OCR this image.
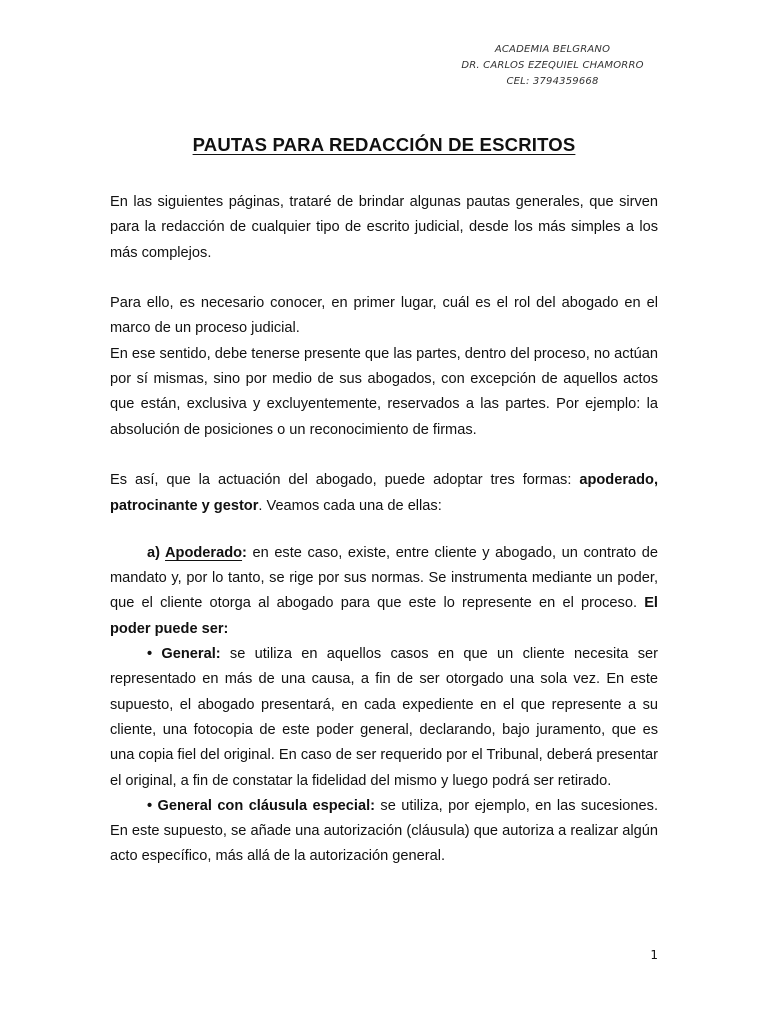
ACADEMIA BELGRANO
DR. CARLOS EZEQUIEL CHAMORRO
CEL: 3794359668
PAUTAS PARA REDACCIÓN DE ESCRITOS

En las siguientes páginas, trataré de brindar algunas pautas generales, que sirven para la redacción de cualquier tipo de escrito judicial, desde los más simples a los más complejos.

Para ello, es necesario conocer, en primer lugar, cuál es el rol del abogado en el marco de un proceso judicial.

En ese sentido, debe tenerse presente que las partes, dentro del proceso, no actúan por sí mismas, sino por medio de sus abogados, con excepción de aquellos actos que están, exclusiva y excluyentemente, reservados a las partes. Por ejemplo: la absolución de posiciones o un reconocimiento de firmas.

Es así, que la actuación del abogado, puede adoptar tres formas: apoderado, patrocinante y gestor. Veamos cada una de ellas:

a) Apoderado: en este caso, existe, entre cliente y abogado, un contrato de mandato y, por lo tanto, se rige por sus normas. Se instrumenta mediante un poder, que el cliente otorga al abogado para que este lo represente en el proceso. El poder puede ser:

• General: se utiliza en aquellos casos en que un cliente necesita ser representado en más de una causa, a fin de ser otorgado una sola vez. En este supuesto, el abogado presentará, en cada expediente en el que represente a su cliente, una fotocopia de este poder general, declarando, bajo juramento, que es una copia fiel del original. En caso de ser requerido por el Tribunal, deberá presentar el original, a fin de constatar la fidelidad del mismo y luego podrá ser retirado.

• General con cláusula especial: se utiliza, por ejemplo, en las sucesiones. En este supuesto, se añade una autorización (cláusula) que autoriza a realizar algún acto específico, más allá de la autorización general.

1
